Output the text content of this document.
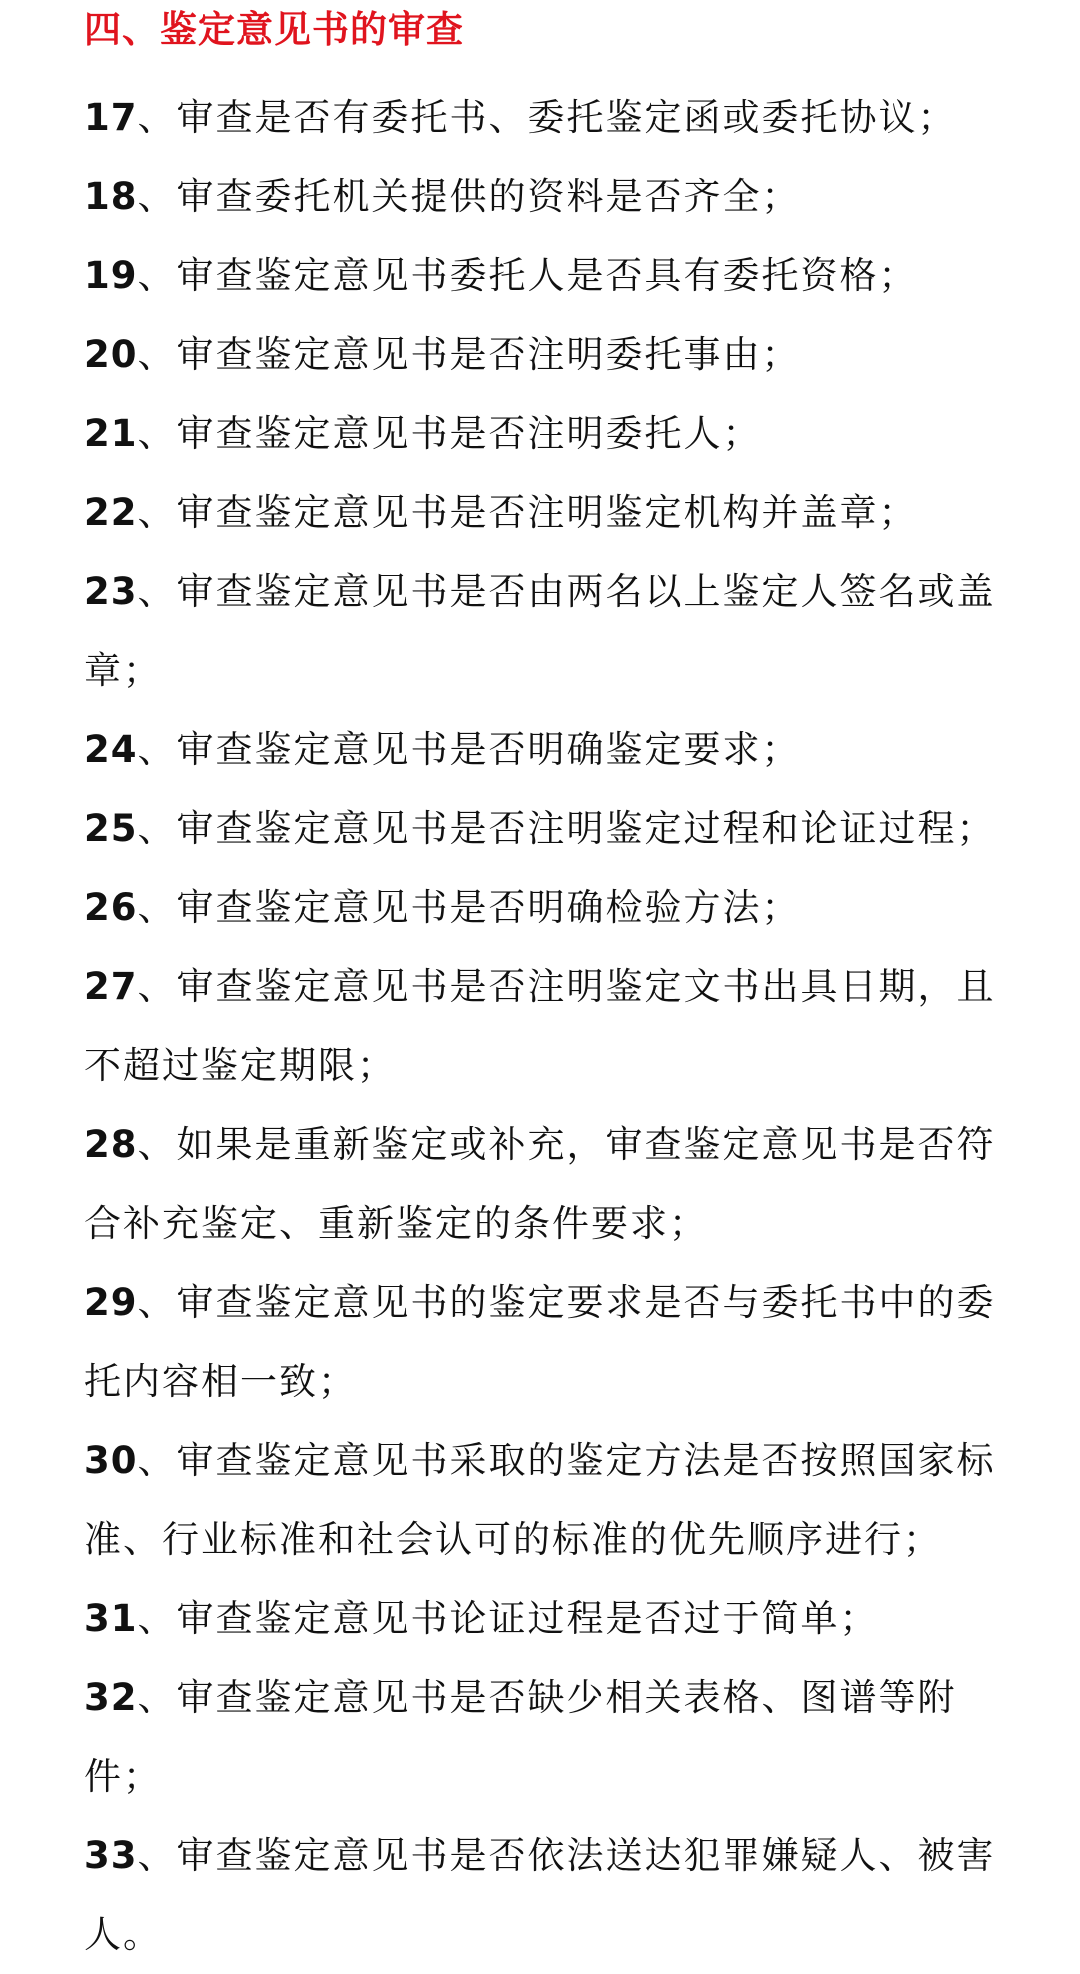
四、鉴定意见书的审查
17、审查是否有委托书、委托鉴定函或委托协议；
18、审查委托机关提供的资料是否齐全；
19、审查鉴定意见书委托人是否具有委托资格；
20、审查鉴定意见书是否注明委托事由；
21、审查鉴定意见书是否注明委托人；
22、审查鉴定意见书是否注明鉴定机构并盖章；
23、审查鉴定意见书是否由两名以上鉴定人签名或盖章；
24、审查鉴定意见书是否明确鉴定要求；
25、审查鉴定意见书是否注明鉴定过程和论证过程；
26、审查鉴定意见书是否明确检验方法；
27、审查鉴定意见书是否注明鉴定文书出具日期，且不超过鉴定期限；
28、如果是重新鉴定或补充，审查鉴定意见书是否符合补充鉴定、重新鉴定的条件要求；
29、审查鉴定意见书的鉴定要求是否与委托书中的委托内容相一致；
30、审查鉴定意见书采取的鉴定方法是否按照国家标准、行业标准和社会认可的标准的优先顺序进行；
31、审查鉴定意见书论证过程是否过于简单；
32、审查鉴定意见书是否缺少相关表格、图谱等附件；
33、审查鉴定意见书是否依法送达犯罪嫌疑人、被害人。
